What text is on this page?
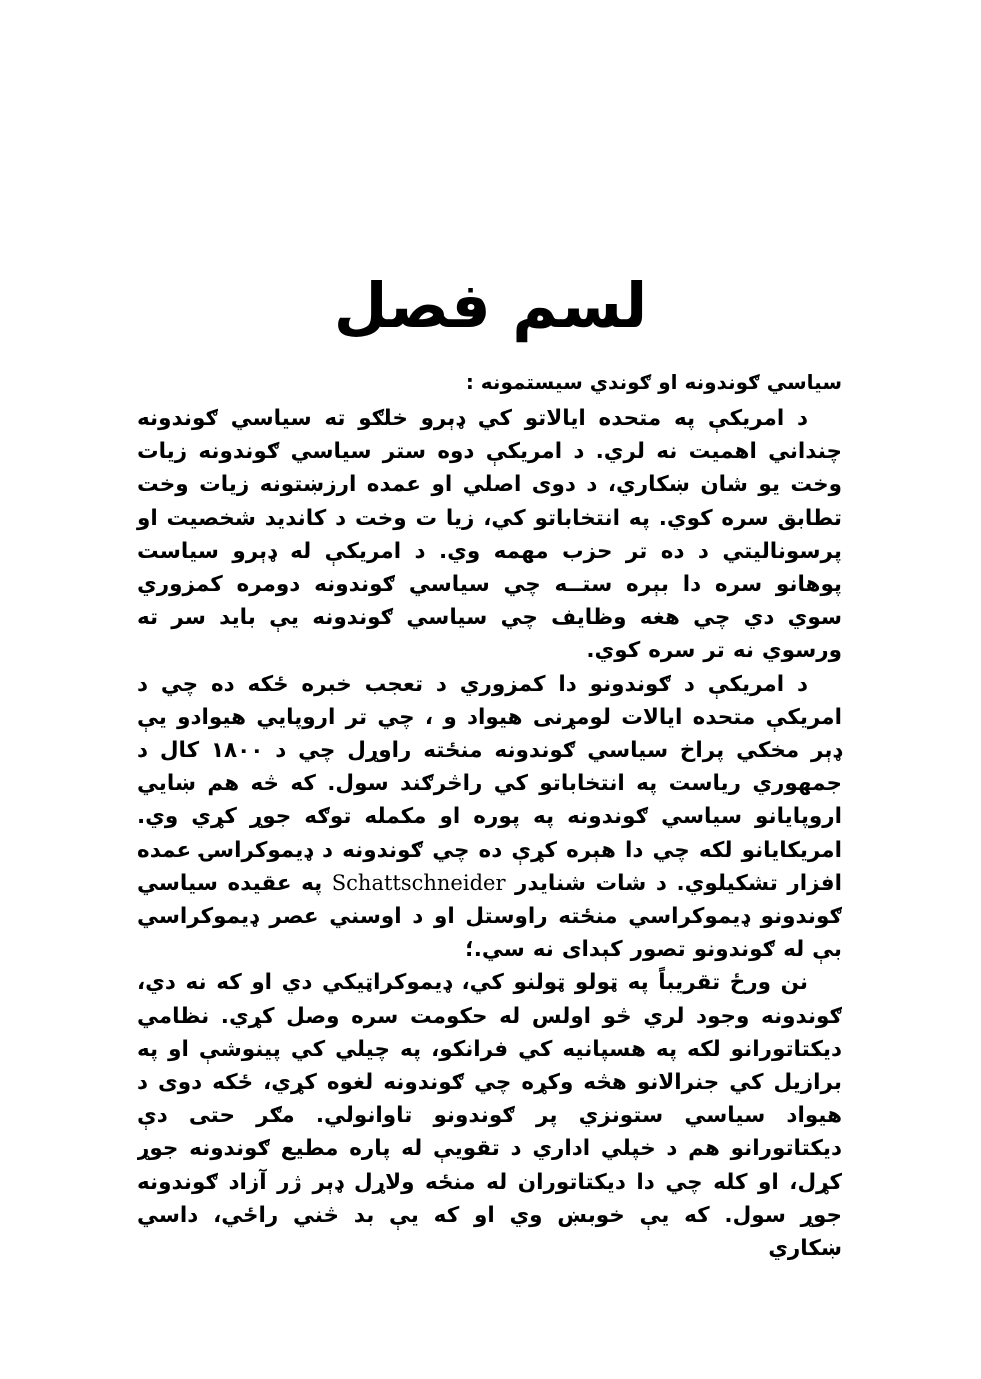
لسم فصل
سياسي ګوندونه او ګوندي سيستمونه :

د امريکې په متحده ايالاتو کي ډېرو خلګو ته سياسي ګوندونه چنداني اهميت نه لري. د امريکې دوه ستر سياسي ګوندونه زيات وخت يو شان ښکاري، د دوى اصلي او عمده ارزښتونه زيات وخت تطابق سره کوي. په انتخاباتو کي، زيا ت وخت د کانديد شخصيت او پرسونالیتي د ده تر حزب مهمه وي. د امريکې له ډېرو سياست پوهانو سره دا بېره ستــه چي سياسي ګوندونه دومره کمزوري سوي دي چي هغه وظايف چي سياسي ګوندونه يې بايد سر ته ورسوي نه تر سره کوي.

د امريکې د ګوندونو دا کمزوري د تعجب خبره ځکه ده چي د امريکې متحده ايالات لومړنى هيواد و ، چي تر اروپايي هيوادو يې ډېر مخکي پراخ سياسي ګوندونه منځته راوړل چي د ١٨٠٠ کال د جمهوري رياست په انتخاباتو کي راڅرګند سول. که څه هم ښايي اروپايانو سياسي ګوندونه په پوره او مکمله توګه جوړ کړي وي. امريکايانو لکه چي دا هېره کړې ده چي ګوندونه د ډيموکراسۍ عمده افزار تشکيلوي. د شات شنايدر Schattschneider په عقيده سياسي ګوندونو ډيموکراسي منځته راوستل او د اوسني عصر ډيموکراسي بې له ګوندونو تصور کېداى نه سي.؛

نن ورځ تقريباً په ټولو ټولنو کي، ډيموکراټيکي دي او که نه دي، ګوندونه وجود لري څو اولس له حکومت سره وصل کړي. نظامي ديکتاتورانو لکه په هسپانيه کي فرانکو، په چيلي کي پينوشې او په برازيل کي جنرالانو هڅه وکړه چي ګوندونه لغوه کړي، ځکه دوى د هيواد سياسي ستونزي پر ګوندونو تاوانولي. مګر حتى دې ديکتاتورانو هم د خپلي اداري د تقويې له پاره مطيع ګوندونه جوړ کړل، او کله چي دا ديکتاتوران له منځه ولاړل ډېر ژر آزاد ګوندونه جوړ سول. که يې خوبښ وي او که يې بد څني راځي، داسي ښکاري
